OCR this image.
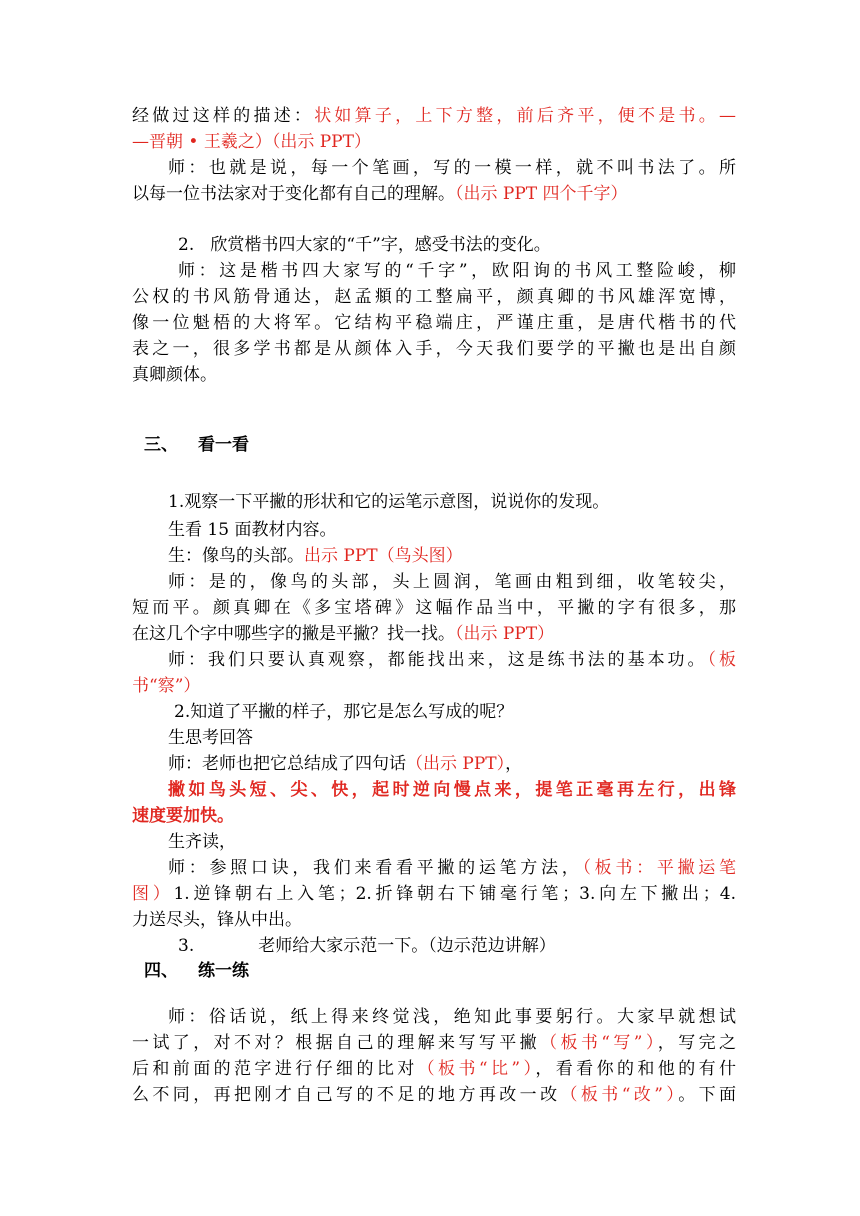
经做过这样的描述：状如算子，上下方整，前后齐平，便不是书。—
—晋朝 • 王羲之）（出示 PPT）
师：也就是说，每一个笔画，写的一模一样，就不叫书法了。所
以每一位书法家对于变化都有自己的理解。（出示 PPT 四个千字）
2.   欣赏楷书四大家的“千”字，感受书法的变化。
师：这是楷书四大家写的“千字”，欧阳询的书风工整险峻，柳
公权的书风筋骨通达，赵孟頫的工整扁平，颜真卿的书风雄浑宽博，
像一位魁梧的大将军。它结构平稳端庄，严谨庄重，是唐代楷书的代
表之一，很多学书都是从颜体入手，今天我们要学的平撇也是出自颜
真卿颜体。
三、 看一看
1.观察一下平撇的形状和它的运笔示意图，说说你的发现。
生看 15 面教材内容。
生：像鸟的头部。出示 PPT（鸟头图）
师：是的，像鸟的头部，头上圆润，笔画由粗到细，收笔较尖，
短而平。颜真卿在《多宝塔碑》这幅作品当中，平撇的字有很多，那
在这几个字中哪些字的撇是平撇？找一找。（出示 PPT）
师：我们只要认真观察，都能找出来，这是练书法的基本功。（板
书“察”）
2.知道了平撇的样子，那它是怎么写成的呢？
生思考回答
师：老师也把它总结成了四句话（出示 PPT），
撇如鸟头短、尖、快，起时逆向慢点来，提笔正毫再左行，出锋
速度要加快。
生齐读，
师：参照口诀，我们来看看平撇的运笔方法，（板书：平撇运笔
图）1.逆锋朝右上入笔；2.折锋朝右下铺毫行笔；3.向左下撇出；4.
力送尽头，锋从中出。
3.	老师给大家示范一下。（边示范边讲解）
四、 练一练
师：俗话说，纸上得来终觉浅，绝知此事要躬行。大家早就想试
一试了，对不对？根据自己的理解来写写平撇（板书“写”），写完之
后和前面的范字进行仔细的比对（板书“比”），看看你的和他的有什
么不同，再把刚才自己写的不足的地方再改一改（板书“改”）。下面
